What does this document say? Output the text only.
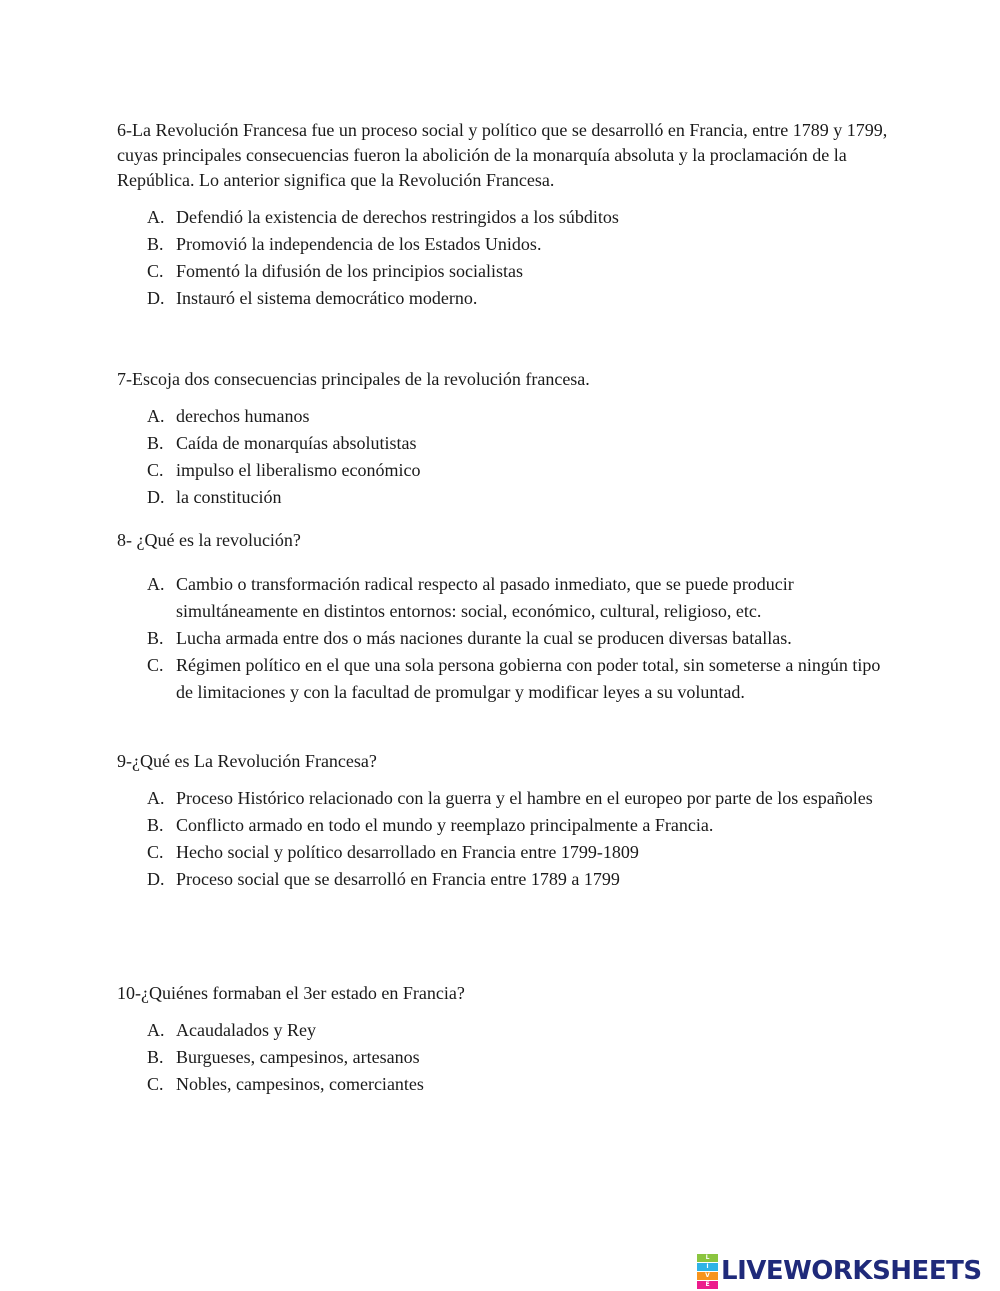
6-La Revolución Francesa fue un proceso social y político que se desarrolló en Francia, entre 1789 y 1799, cuyas principales consecuencias fueron la abolición de la monarquía absoluta y la proclamación de la República. Lo anterior significa que la Revolución Francesa.

A. Defendió la existencia de derechos restringidos a los súbditos
B. Promovió la independencia de los Estados Unidos.
C. Fomentó la difusión de los principios socialistas
D. Instauró el sistema democrático moderno.

7-Escoja dos consecuencias principales de la revolución francesa.

A. derechos humanos
B. Caída de monarquías absolutistas
C. impulso el liberalismo económico
D. la constitución

8- ¿Qué es la revolución?

A. Cambio o transformación radical respecto al pasado inmediato, que se puede producir simultáneamente en distintos entornos: social, económico, cultural, religioso, etc.
B. Lucha armada entre dos o más naciones durante la cual se producen diversas batallas.
C. Régimen político en el que una sola persona gobierna con poder total, sin someterse a ningún tipo de limitaciones y con la facultad de promulgar y modificar leyes a su voluntad.

9-¿Qué es La Revolución Francesa?

A. Proceso Histórico relacionado con la guerra y el hambre en el europeo por parte de los españoles
B. Conflicto armado en todo el mundo y reemplazo principalmente a Francia.
C. Hecho social y político desarrollado en Francia entre 1799-1809
D. Proceso social que se desarrolló en Francia entre 1789 a 1799

10-¿Quiénes formaban el 3er estado en Francia?

A. Acaudalados y Rey
B. Burgueses, campesinos, artesanos
C. Nobles, campesinos, comerciantes
L
I
V
E LIVEWORKSHEETS
